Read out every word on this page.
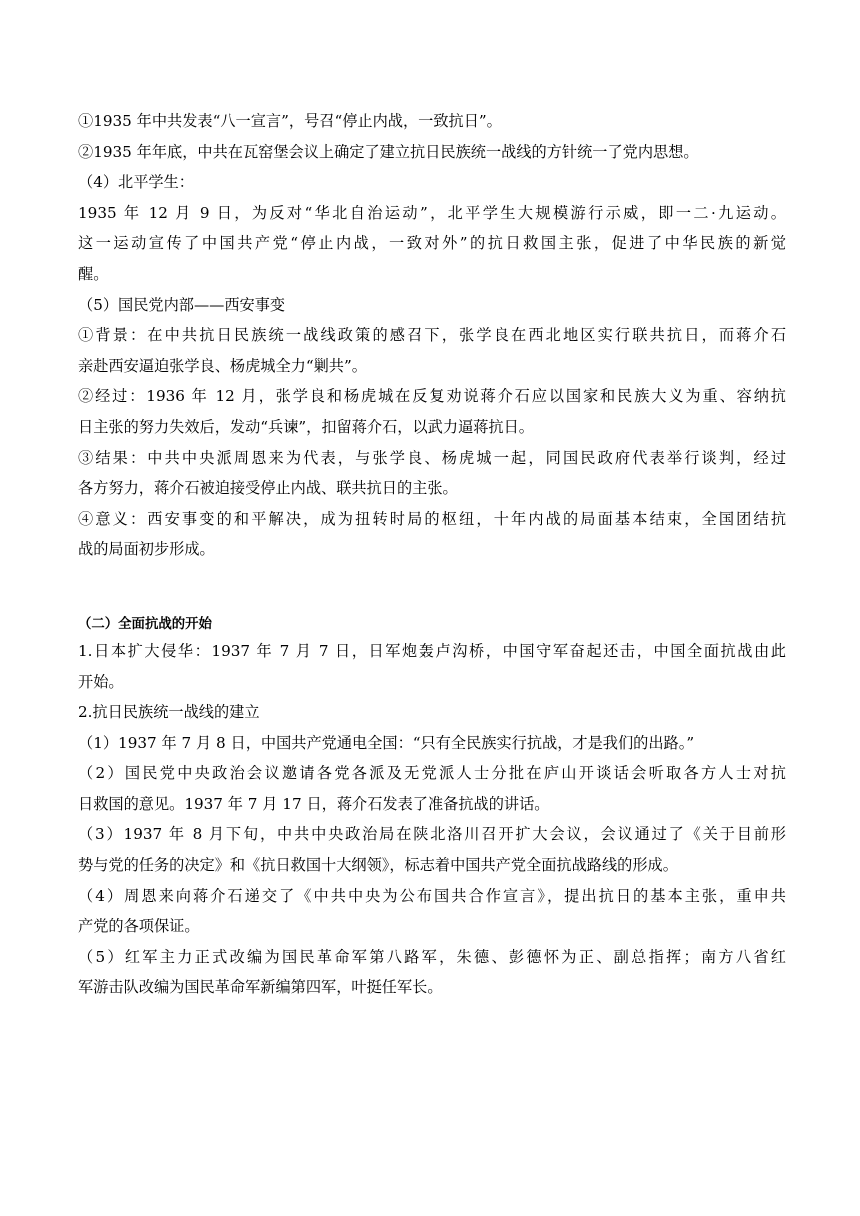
①1935 年中共发表“八一宣言”，号召“停止内战，一致抗日”。
②1935 年年底，中共在瓦窑堡会议上确定了建立抗日民族统一战线的方针统一了党内思想。
（4）北平学生：
1935 年 12 月 9 日，为反对“华北自治运动”，北平学生大规模游行示威，即一二·九运动。
这一运动宣传了中国共产党“停止内战，一致对外”的抗日救国主张，促进了中华民族的新觉
醒。
（5）国民党内部——西安事变
①背景：在中共抗日民族统一战线政策的感召下，张学良在西北地区实行联共抗日，而蒋介石
亲赴西安逼迫张学良、杨虎城全力“剿共”。
②经过：1936 年 12 月，张学良和杨虎城在反复劝说蒋介石应以国家和民族大义为重、容纳抗
日主张的努力失效后，发动“兵谏”，扣留蒋介石，以武力逼蒋抗日。
③结果：中共中央派周恩来为代表，与张学良、杨虎城一起，同国民政府代表举行谈判，经过
各方努力，蒋介石被迫接受停止内战、联共抗日的主张。
④意义：西安事变的和平解决，成为扭转时局的枢纽，十年内战的局面基本结束，全国团结抗
战的局面初步形成。
（二）全面抗战的开始
1.日本扩大侵华：1937 年 7 月 7 日，日军炮轰卢沟桥，中国守军奋起还击，中国全面抗战由此
开始。
2.抗日民族统一战线的建立
（1）1937 年 7 月 8 日，中国共产党通电全国：“只有全民族实行抗战，才是我们的出路。”
（2）国民党中央政治会议邀请各党各派及无党派人士分批在庐山开谈话会听取各方人士对抗
日救国的意见。1937 年 7 月 17 日，蒋介石发表了准备抗战的讲话。
（3）1937 年 8 月下旬，中共中央政治局在陕北洛川召开扩大会议，会议通过了《关于目前形
势与党的任务的决定》和《抗日救国十大纲领》，标志着中国共产党全面抗战路线的形成。
（4）周恩来向蒋介石递交了《中共中央为公布国共合作宣言》，提出抗日的基本主张，重申共
产党的各项保证。
（5）红军主力正式改编为国民革命军第八路军，朱德、彭德怀为正、副总指挥；南方八省红
军游击队改编为国民革命军新编第四军，叶挺任军长。
